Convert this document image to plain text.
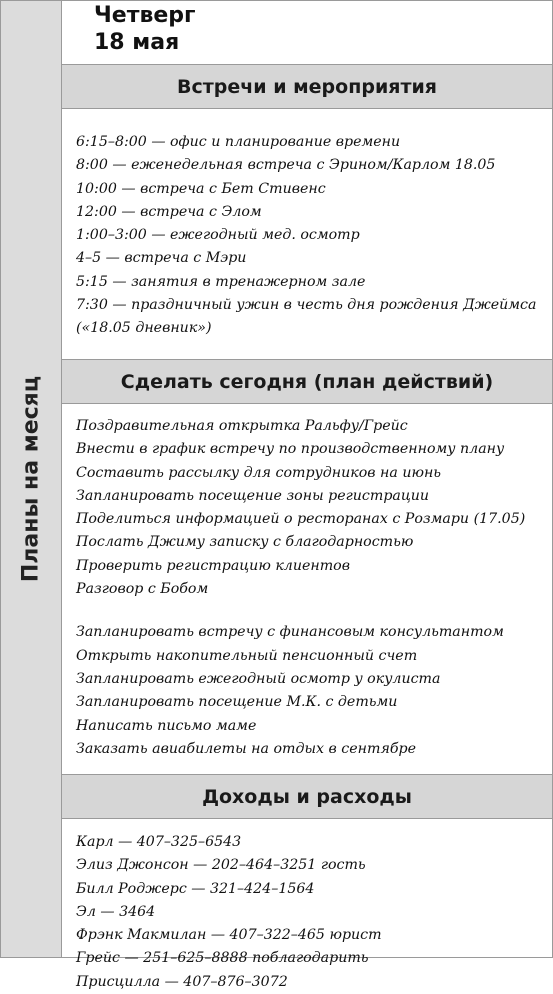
Планы на месяц
Четверг
18 мая
Встречи и мероприятия
6:15–8:00 — офис и планирование времени
8:00 — еженедельная встреча с Эрином/Карлом 18.05
10:00 — встреча с Бет Стивенс
12:00 — встреча с Элом
1:00–3:00 — ежегодный мед. осмотр
4–5 — встреча с Мэри
5:15 — занятия в тренажерном зале
7:30 — праздничный ужин в честь дня рождения Джеймса
(«18.05 дневник»)
Сделать сегодня (план действий)
Поздравительная открытка Ральфу/Грейс
Внести в график встречу по производственному плану
Составить рассылку для сотрудников на июнь
Запланировать посещение зоны регистрации
Поделиться информацией о ресторанах с Розмари (17.05)
Послать Джиму записку с благодарностью
Проверить регистрацию клиентов
Разговор с Бобом
Запланировать встречу с финансовым консультантом
Открыть накопительный пенсионный счет
Запланировать ежегодный осмотр у окулиста
Запланировать посещение М.К. с детьми
Написать письмо маме
Заказать авиабилеты на отдых в сентябре
Доходы и расходы
Карл — 407–325–6543
Элиз Джонсон — 202–464–3251 гость
Билл Роджерс — 321–424–1564
Эл — 3464
Фрэнк Макмилан — 407–322–465 юрист
Грейс — 251–625–8888 поблагодарить
Присцилла — 407–876–3072
